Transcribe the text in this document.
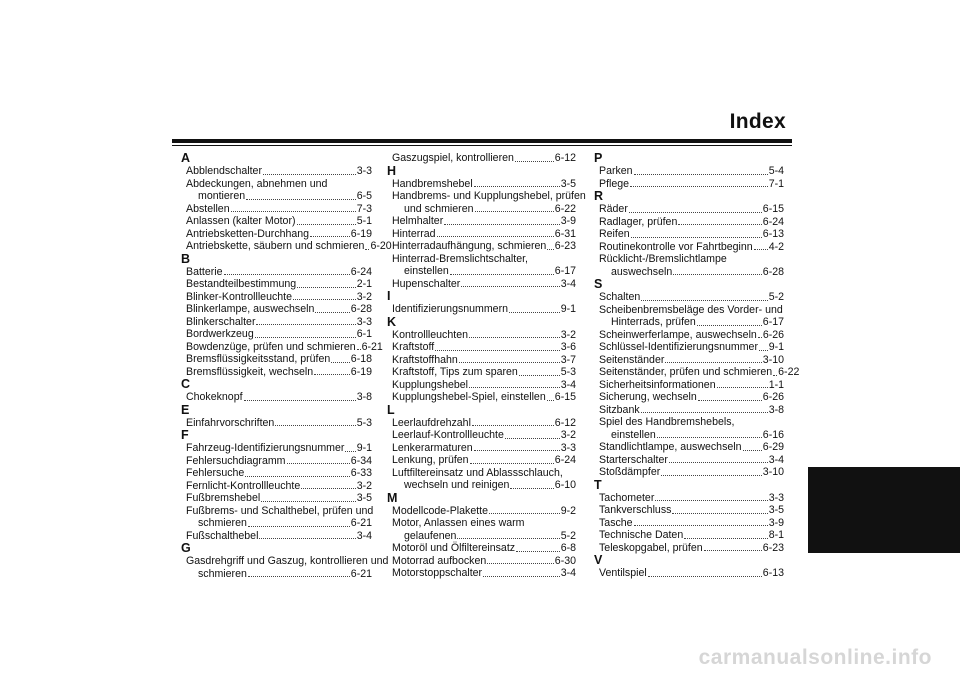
Index
A
Abblendschalter	3-3
Abdeckungen, abnehmen und
montieren	6-5
Abstellen	7-3
Anlassen (kalter Motor)	5-1
Antriebsketten-Durchhang	6-19
Antriebskette, säubern und schmieren 6-20
B
Batterie	6-24
Bestandteilbestimmung	2-1
Blinker-Kontrollleuchte	3-2
Blinkerlampe, auswechseln	6-28
Blinkerschalter	3-3
Bordwerkzeug	6-1
Bowdenzüge, prüfen und schmieren 6-21
Bremsflüssigkeitsstand, prüfen 6-18
Bremsflüssigkeit, wechseln	6-19
C
Chokeknopf	3-8
E
Einfahrvorschriften	5-3
F
Fahrzeug-Identifizierungsnummer 9-1
Fehlersuchdiagramm	6-34
Fehlersuche	6-33
Fernlicht-Kontrollleuchte	3-2
Fußbremshebel	3-5
Fußbrems- und Schalthebel, prüfen und
schmieren	6-21
Fußschalthebel	3-4
G
Gasdrehgriff und Gaszug, kontrollieren und
schmieren	6-21
Gaszugspiel, kontrollieren	6-12
H
Handbremshebel	3-5
Handbrems- und Kupplungshebel, prüfen
und schmieren	6-22
Helmhalter	3-9
Hinterrad	6-31
Hinterradaufhängung, schmieren 6-23
Hinterrad-Bremslichtschalter,
einstellen	6-17
Hupenschalter	3-4
I
Identifizierungsnummern	9-1
K
Kontrollleuchten	3-2
Kraftstoff	3-6
Kraftstoffhahn	3-7
Kraftstoff, Tips zum sparen	5-3
Kupplungshebel	3-4
Kupplungshebel-Spiel, einstellen 6-15
L
Leerlaufdrehzahl	6-12
Leerlauf-Kontrollleuchte	3-2
Lenkerarmaturen	3-3
Lenkung, prüfen	6-24
Luftfiltereinsatz und Ablassschlauch,
wechseln und reinigen	6-10
M
Modellcode-Plakette	9-2
Motor, Anlassen eines warm
gelaufenen	5-2
Motoröl und Ölfiltereinsatz	6-8
Motorrad aufbocken	6-30
Motorstoppschalter	3-4
P
Parken	5-4
Pflege	7-1
R
Räder	6-15
Radlager, prüfen	6-24
Reifen	6-13
Routinekontrolle vor Fahrtbeginn 4-2
Rücklicht-/Bremslichtlampe
auswechseln	6-28
S
Schalten	5-2
Scheibenbremsbeläge des Vorder- und
Hinterrads, prüfen	6-17
Scheinwerferlampe, auswechseln 6-26
Schlüssel-Identifizierungsnummer 9-1
Seitenständer	3-10
Seitenständer, prüfen und schmieren 6-22
Sicherheitsinformationen	1-1
Sicherung, wechseln	6-26
Sitzbank	3-8
Spiel des Handbremshebels,
einstellen	6-16
Standlichtlampe, auswechseln 6-29
Starterschalter	3-4
Stoßdämpfer	3-10
T
Tachometer	3-3
Tankverschluss	3-5
Tasche	3-9
Technische Daten	8-1
Teleskopgabel, prüfen	6-23
V
Ventilspiel	6-13
carmanualsonline.info
